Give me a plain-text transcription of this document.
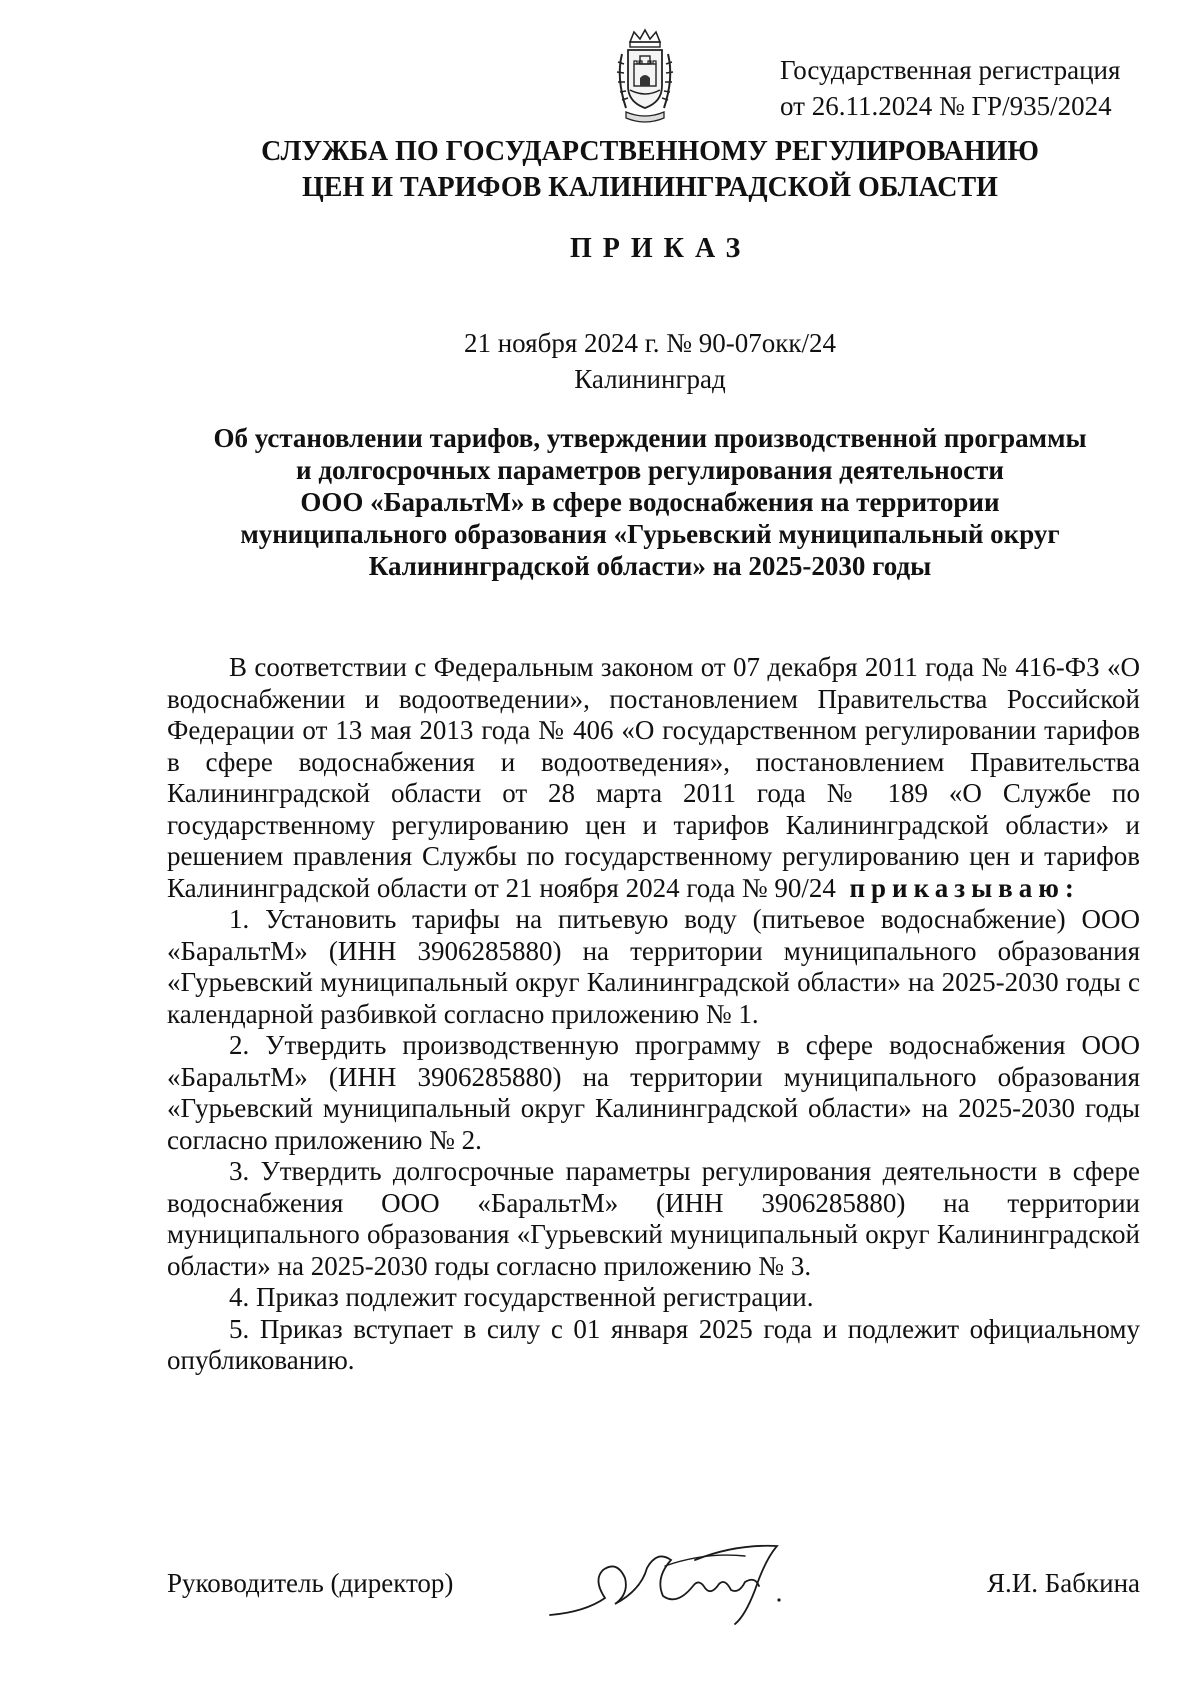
Государственная регистрация
от 26.11.2024 № ГР/935/2024
СЛУЖБА ПО ГОСУДАРСТВЕННОМУ РЕГУЛИРОВАНИЮ
ЦЕН И ТАРИФОВ КАЛИНИНГРАДСКОЙ ОБЛАСТИ
ПРИКАЗ
21 ноября 2024 г. № 90-07окк/24
Калининград
Об установлении тарифов, утверждении производственной программы
и долгосрочных параметров регулирования деятельности
ООО «БаральтМ» в сфере водоснабжения на территории
муниципального образования «Гурьевский муниципальный округ
Калининградской области» на 2025-2030 годы

В соответствии с Федеральным законом от 07 декабря 2011 года № 416-ФЗ «О водоснабжении и водоотведении», постановлением Правительства Российской Федерации от 13 мая 2013 года № 406 «О государственном регулировании тарифов в сфере водоснабжения и водоотведения», постановлением Правительства Калининградской области от 28 марта 2011 года № 189 «О Службе по государственному регулированию цен и тарифов Калининградской области» и решением правления Службы по государственному регулированию цен и тарифов Калининградской области от 21 ноября 2024 года № 90/24 приказываю:

1. Установить тарифы на питьевую воду (питьевое водоснабжение) ООО «БаральтМ» (ИНН 3906285880) на территории муниципального образования «Гурьевский муниципальный округ Калининградской области» на 2025-2030 годы с календарной разбивкой согласно приложению № 1.

2. Утвердить производственную программу в сфере водоснабжения ООО «БаральтМ» (ИНН 3906285880) на территории муниципального образования «Гурьевский муниципальный округ Калининградской области» на 2025-2030 годы согласно приложению № 2.

3. Утвердить долгосрочные параметры регулирования деятельности в сфере водоснабжения ООО «БаральтМ» (ИНН 3906285880) на территории муниципального образования «Гурьевский муниципальный округ Калининградской области» на 2025-2030 годы согласно приложению № 3.

4. Приказ подлежит государственной регистрации.

5. Приказ вступает в силу с 01 января 2025 года и подлежит официальному опубликованию.

Руководитель (директор)	Я.И. Бабкина
